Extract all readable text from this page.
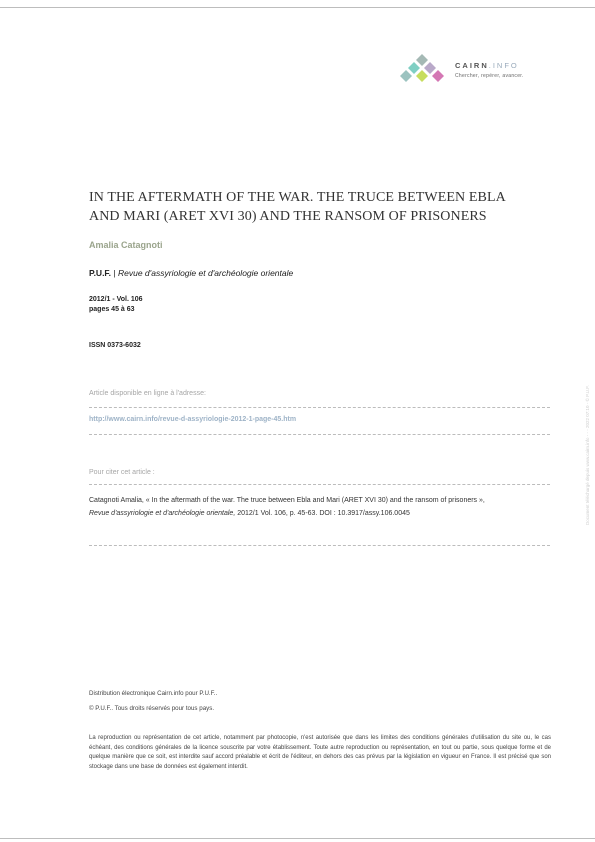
CAIRN.INFO
Chercher, repérer, avancer.
IN THE AFTERMATH OF THE WAR. THE TRUCE BETWEEN EBLA AND MARI (ARET XVI 30) AND THE RANSOM OF PRISONERS
Amalia Catagnoti
P.U.F. | Revue d'assyriologie et d'archéologie orientale
2012/1 - Vol. 106
pages 45 à 63
ISSN 0373-6032
Article disponible en ligne à l'adresse:
http://www.cairn.info/revue-d-assyriologie-2012-1-page-45.htm
Pour citer cet article :
Catagnoti Amalia, « In the aftermath of the war. The truce between Ebla and Mari (ARET XVI 30) and the ransom of prisoners »,
Revue d'assyriologie et d'archéologie orientale, 2012/1 Vol. 106, p. 45-63. DOI : 10.3917/assy.106.0045
Distribution électronique Cairn.info pour P.U.F..
© P.U.F.. Tous droits réservés pour tous pays.
La reproduction ou représentation de cet article, notamment par photocopie, n'est autorisée que dans les limites des conditions générales d'utilisation du site ou, le cas échéant, des conditions générales de la licence souscrite par votre établissement. Toute autre reproduction ou représentation, en tout ou partie, sous quelque forme et de quelque manière que ce soit, est interdite sauf accord préalable et écrit de l'éditeur, en dehors des cas prévus par la législation en vigueur en France. Il est précisé que son stockage dans une base de données est également interdit.
Document téléchargé depuis www.cairn.info - - - 2022 07:10 - © P.U.F.
